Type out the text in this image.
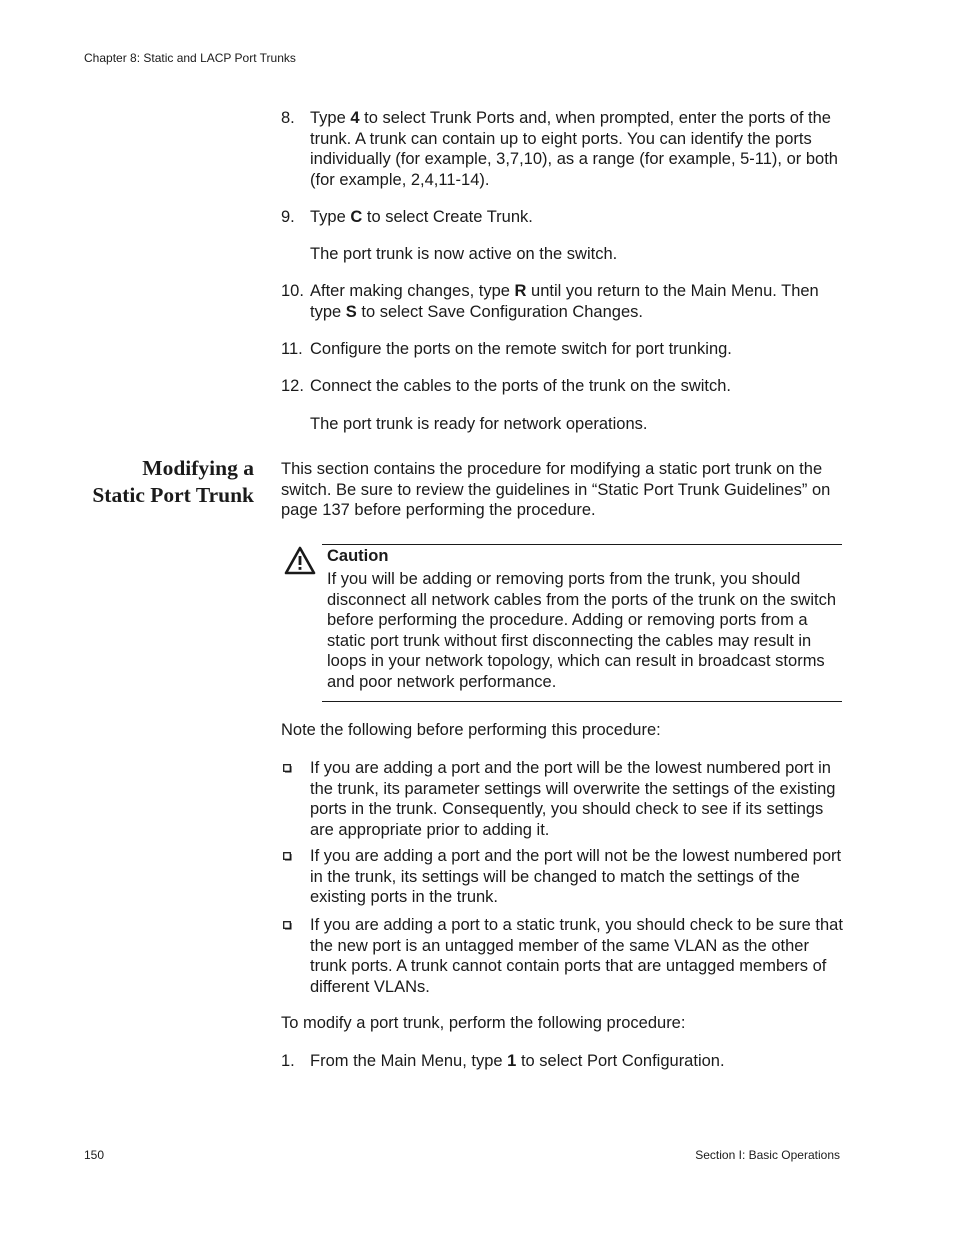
Chapter 8: Static and LACP Port Trunks
8. Type 4 to select Trunk Ports and, when prompted, enter the ports of the trunk. A trunk can contain up to eight ports. You can identify the ports individually (for example, 3,7,10), as a range (for example, 5-11), or both (for example, 2,4,11-14).
9. Type C to select Create Trunk.
The port trunk is now active on the switch.
10. After making changes, type R until you return to the Main Menu. Then type S to select Save Configuration Changes.
11. Configure the ports on the remote switch for port trunking.
12. Connect the cables to the ports of the trunk on the switch.
The port trunk is ready for network operations.
Modifying a
Static Port Trunk
This section contains the procedure for modifying a static port trunk on the switch. Be sure to review the guidelines in “Static Port Trunk Guidelines” on page 137 before performing the procedure.
Caution
If you will be adding or removing ports from the trunk, you should disconnect all network cables from the ports of the trunk on the switch before performing the procedure. Adding or removing ports from a static port trunk without first disconnecting the cables may result in loops in your network topology, which can result in broadcast storms and poor network performance.
Note the following before performing this procedure:
If you are adding a port and the port will be the lowest numbered port in the trunk, its parameter settings will overwrite the settings of the existing ports in the trunk. Consequently, you should check to see if its settings are appropriate prior to adding it.
If you are adding a port and the port will not be the lowest numbered port in the trunk, its settings will be changed to match the settings of the existing ports in the trunk.
If you are adding a port to a static trunk, you should check to be sure that the new port is an untagged member of the same VLAN as the other trunk ports. A trunk cannot contain ports that are untagged members of different VLANs.
To modify a port trunk, perform the following procedure:
1. From the Main Menu, type 1 to select Port Configuration.
150	Section I: Basic Operations
